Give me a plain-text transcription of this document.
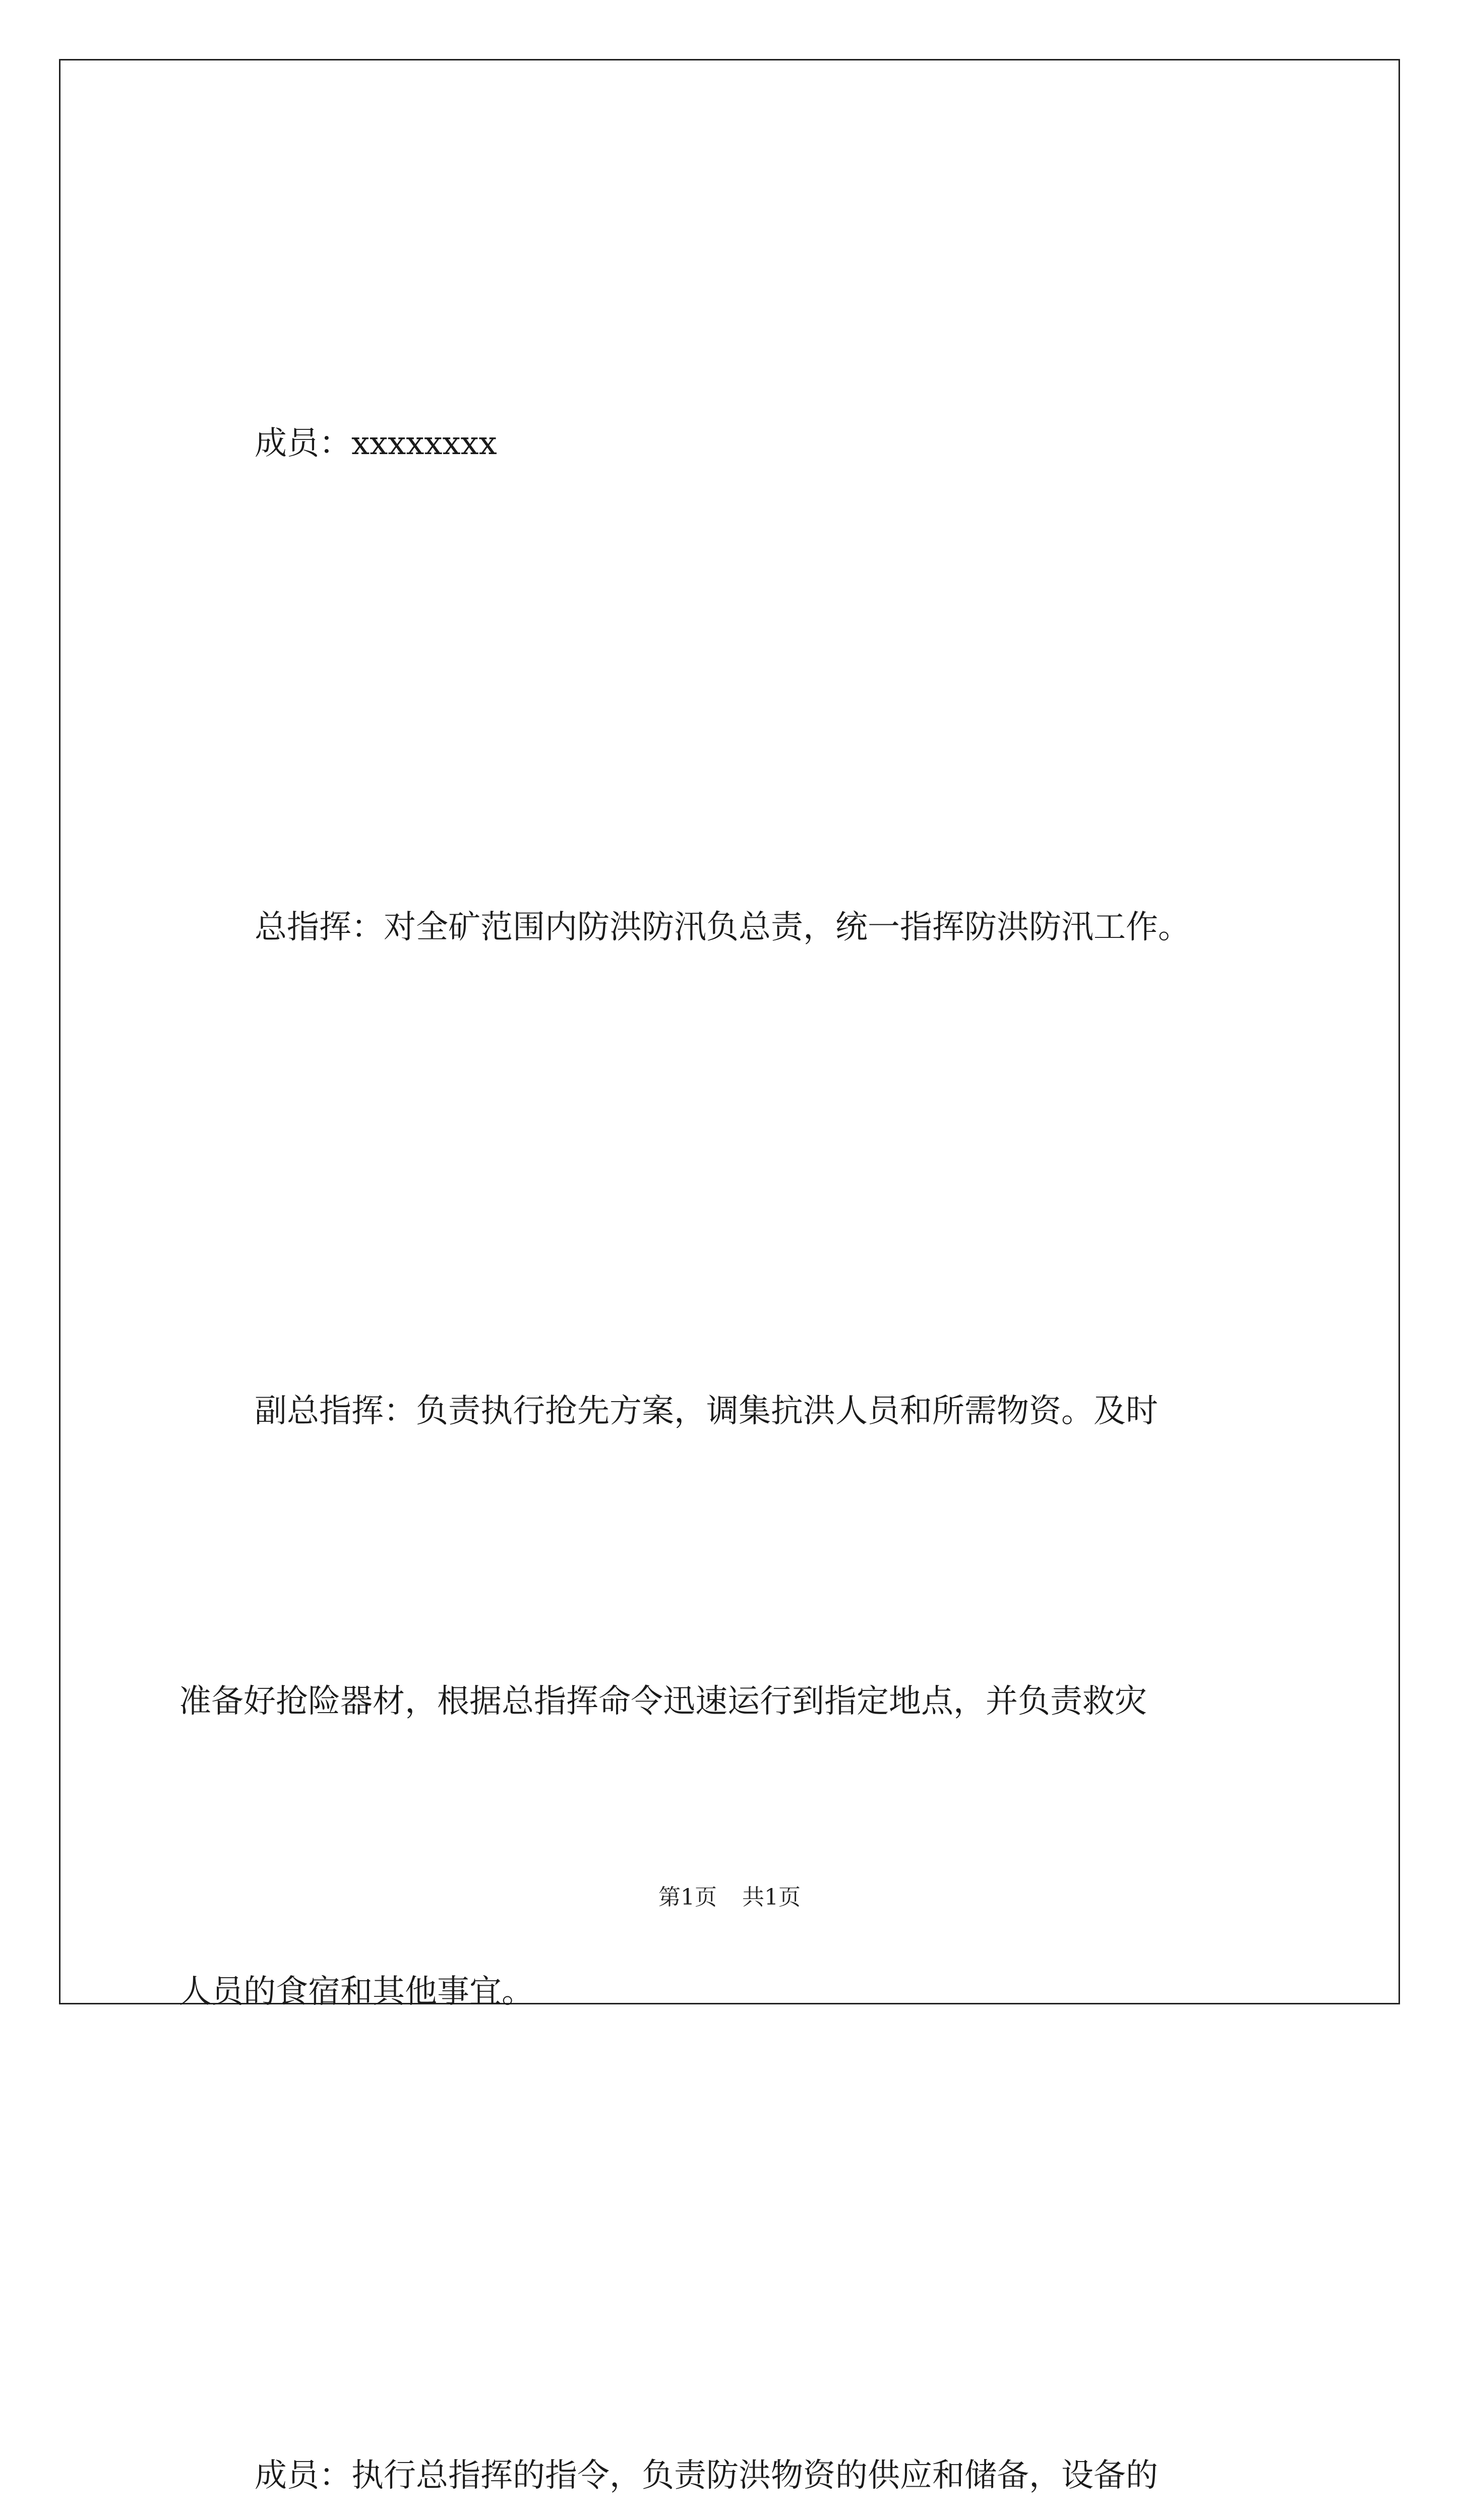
成员：xxxxxxxx

总指挥：对全矿范围内防洪防汛负总责，统一指挥防洪防汛工作。

副总指挥：负责执行抢先方案，调集抗洪人员和所需物资。及时

准备好抢险器材，根据总指挥命令迅速运行到指定地点，并负责救灾

人员的食宿和其他事宜。

成员：执行总指挥的指令，负责防洪物资的供应和储备，设备的

第1页 共1页
